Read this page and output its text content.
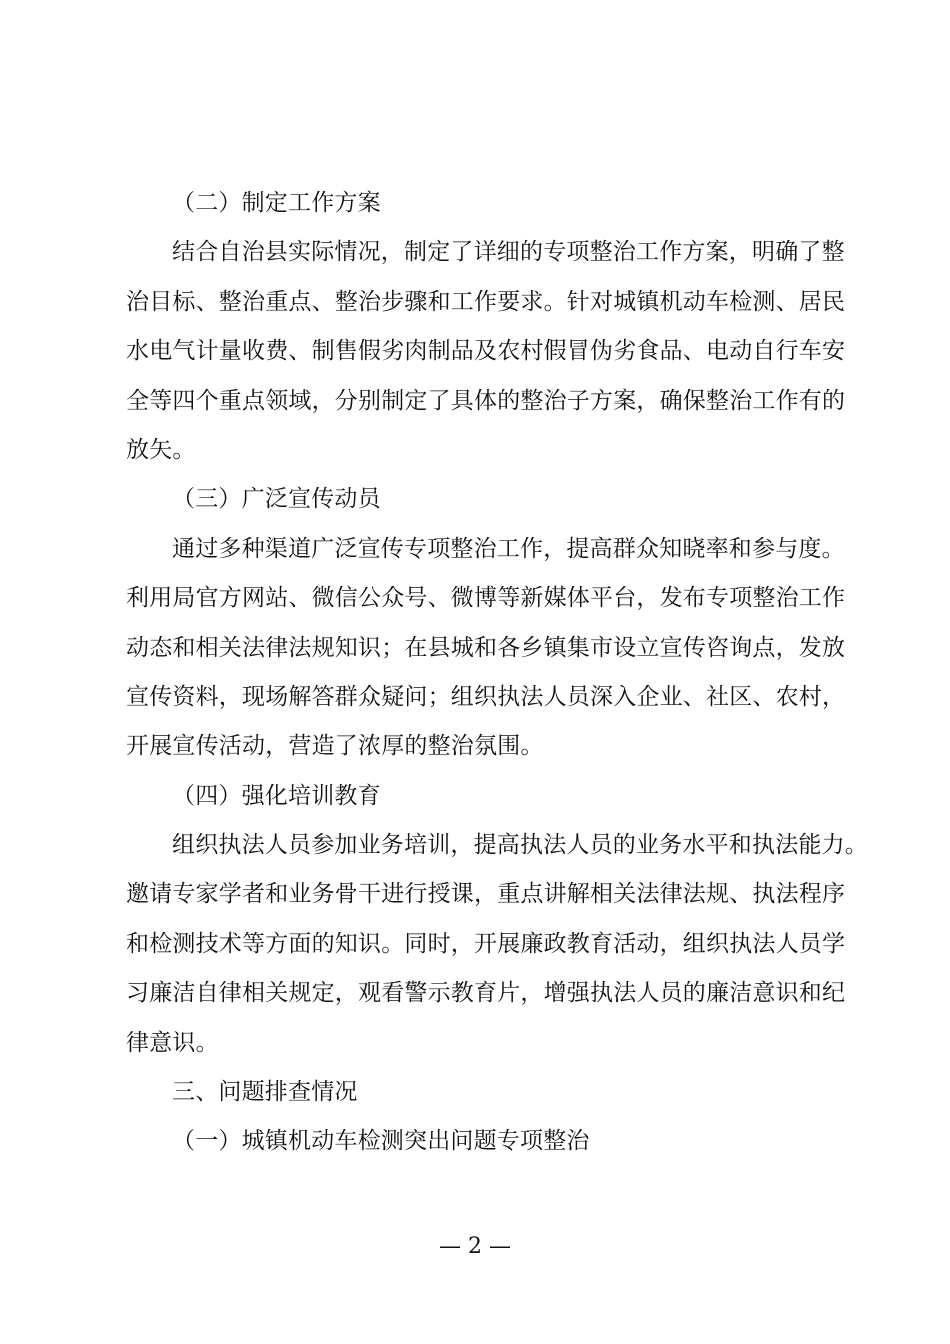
（二）制定工作方案
结合自治县实际情况，制定了详细的专项整治工作方案，明确了整
治目标、整治重点、整治步骤和工作要求。针对城镇机动车检测、居民
水电气计量收费、制售假劣肉制品及农村假冒伪劣食品、电动自行车安
全等四个重点领域，分别制定了具体的整治子方案，确保整治工作有的
放矢。
（三）广泛宣传动员
通过多种渠道广泛宣传专项整治工作，提高群众知晓率和参与度。
利用局官方网站、微信公众号、微博等新媒体平台，发布专项整治工作
动态和相关法律法规知识；在县城和各乡镇集市设立宣传咨询点，发放
宣传资料，现场解答群众疑问；组织执法人员深入企业、社区、农村，
开展宣传活动，营造了浓厚的整治氛围。
（四）强化培训教育
组织执法人员参加业务培训，提高执法人员的业务水平和执法能力。
邀请专家学者和业务骨干进行授课，重点讲解相关法律法规、执法程序
和检测技术等方面的知识。同时，开展廉政教育活动，组织执法人员学
习廉洁自律相关规定，观看警示教育片，增强执法人员的廉洁意识和纪
律意识。
三、问题排查情况
（一）城镇机动车检测突出问题专项整治
— 2 —
